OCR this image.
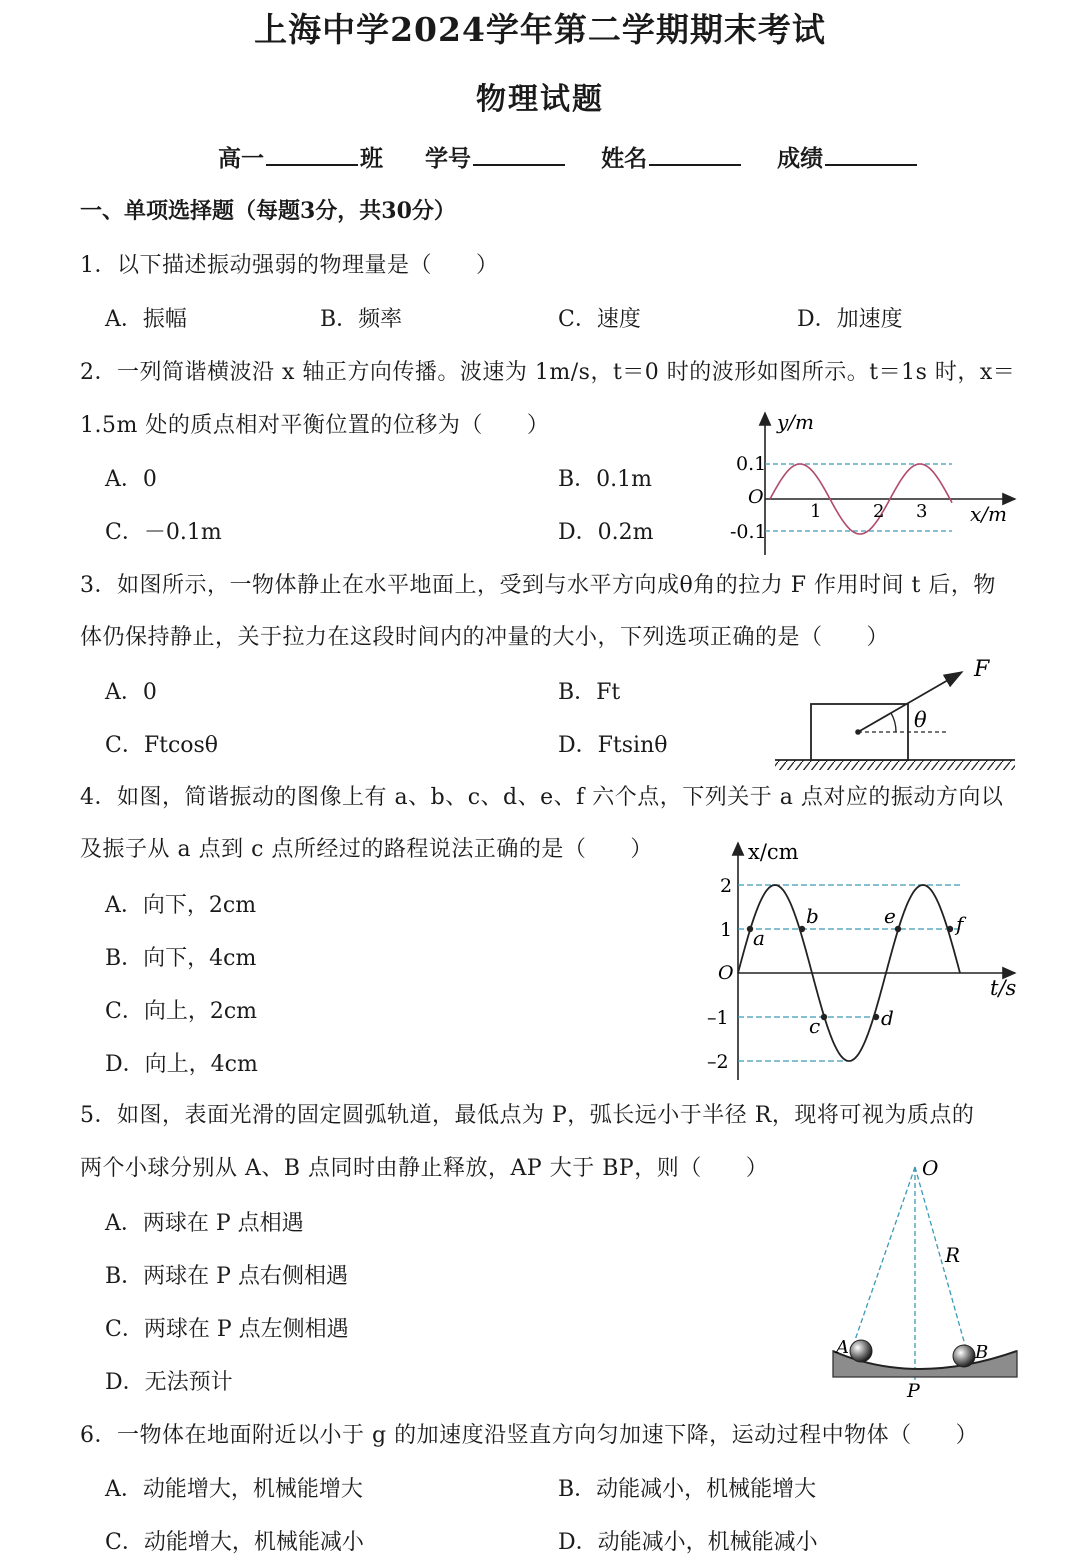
上海中学2024学年第二学期期末考试
物理试题
高一	班 学号	姓名	成绩
一、单项选择题（每题3分，共30分）
1．以下描述振动强弱的物理量是（ ）
A．振幅	B．频率	C．速度	D．加速度
2．一列简谐横波沿 x 轴正方向传播。波速为 1m/s，t＝0 时的波形如图所示。t＝1s 时，x＝
1.5m 处的质点相对平衡位置的位移为（ ）
A．0	B．0.1m
C．－0.1m	D．0.2m
y/m
0.1
-0.1
O
1	2 3 x/m
3．如图所示，一物体静止在水平地面上，受到与水平方向成θ角的拉力 F 作用时间 t 后，物
体仍保持静止，关于拉力在这段时间内的冲量的大小，下列选项正确的是（ ）
A．0	B．Ft
C．Ftcosθ	D．Ftsinθ
θ
F
4．如图，简谐振动的图像上有 a、b、c、d、e、f 六个点，下列关于 a 点对应的振动方向以
及振子从 a 点到 c 点所经过的路程说法正确的是（ ）
A．向下，2cm
B．向下，4cm
C．向上，2cm
D．向上，4cm
a
b
c	d
e	f
x/cm
t/s
O
2
1
–1
–2
5．如图，表面光滑的固定圆弧轨道，最低点为 P，弧长远小于半径 R，现将可视为质点的
两个小球分别从 A、B 点同时由静止释放，AP 大于 BP，则（ ）
A．两球在 P 点相遇
B．两球在 P 点右侧相遇
C．两球在 P 点左侧相遇
D．无法预计
O
R
A	B
P
6．一物体在地面附近以小于 g 的加速度沿竖直方向匀加速下降，运动过程中物体（ ）
A．动能增大，机械能增大	B．动能减小，机械能增大
C．动能增大，机械能减小	D．动能减小，机械能减小
